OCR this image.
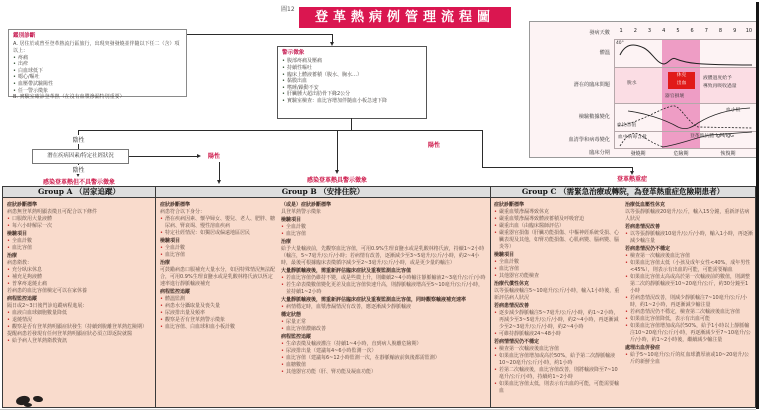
圖12
登革熱病例管理流程圖
鑑別診斷
A. 居住於或曾至登革熱流行區旅行，出現突發發燒並伴隨以下任二（含）項以上：
• 疼痛
• 出疹
• 白血球低下
• 噁心/嘔吐
• 血壓帶試驗陽性
• 任一警示徵象
B. 實驗室確診登革熱（在沒有血漿滲漏特別重要）
警示徵象
• 腹部疼痛及壓痛
• 持續性嘔吐
• 臨床上體液蓄積（腹水、胸水…）
• 黏膜出血
• 嗜睡/躁動不安
• 肝臟腫大超出肋骨下緣2公分
• 實驗室檢查：血比容增加伴隨血小板急速下降
陰性
潛在疾病因素/特定社經狀況
陰性
陽性
陽性
感染登革熱但不具警示徵象	感染登革熱具警示徵象	登革熱重症
Group A （居家追蹤）	Group B （安排住院）	Group C （需緊急治療或轉院，為登革熱重症危險期患者）
症狀診斷標準
病患無登革熱明顯表徵且可配合以下條件
• 口服飲用大量液體
• 每六小時解尿一次
檢驗項目
• 全血計數
• 血比容值
治療
病患衛教：
• 充分臥床休息
• 補充足夠液體
• 普拿疼退燒止痛
若病患的血比容值檢定可以在家休養
病程監控追蹤
隔日或2~3日後門診追蹤病程進展：
• 血液白血球細胞數量降低
• 退燒情況
• 觀察是否有登革熱明顯症狀發生（持續到脫離登革熱危險期）
提醒病患若發現有任何登革熱明顯症狀必須立即返院就醫
• 給予病人登革熱衛教資訊
症狀診斷標準
病患符合以下身分：
• 潛在疾病因素、懷孕婦女、嬰兒、老人、肥胖、糖尿病、腎衰竭、慢性溶血疾病
• 特定社經情況：如獨居或偏遠地區居民
檢驗項目
• 全血計數
• 血比容值
治療
可鼓勵病患口服補充大量水分，如因特殊情況無法配合，可用0.9%生理食鹽水或是乳酸林格氏液以恆定速率進行靜脈輸液補充
病程監控追蹤
• 體溫監測
• 病患水分攝取量及喪失量
• 尿液排出量及頻率
• 觀察是否有登革熱警示徵象
• 血比容值、白血球和血小板計數
（或是）症狀診斷標準
具登革熱警示徵象
檢驗項目
• 全血計數
• 血比容值
治療
給予大量輸液前，先觀察血比容值，可用0.9%生理食鹽水或是乳酸林格氏液，持續1~2小時（輸注，5~7毫升/公斤/小時；若病情有改善，逐漸減少至3~5毫升/公斤/小時，約2~4小時，最後可根據臨床表徵循序減少至2~3毫升/公斤/小時，或是更少量的輸注）
大量靜脈輸液後，需重新評估臨床症狀及重複監測血比容值
• 若血比容值仍維持不變，或是些微上升，則繼續2~4小時輸注靜脈輸液2~3毫升/公斤/小時
• 若生命表徵數值變化更差及血比容值快速升高，則靜脈輸液增高至5~10毫升/公斤/小時，並持續1~2小時
大量靜脈輸液後，需重新評估臨床症狀及重複監測血比容值，同時觀察輸液補充速率
• 病情穩定時，血漿滲漏情況有改善，應逐漸減少靜脈輸液
穩定狀態
• 尿量正常
• 血比容值濃縮改善
病程監控追蹤
• 生命表徵及輸液灌注（持續1~4小時，直到病人脫離危險期）
• 尿液排出量（建議每4~6小時監測一次）
• 血比容值（建議每6~12小時監測一次，在靜脈輸液前與後都需監測）
• 血糖數值
• 其他器官功能（肝、腎功能及凝血功能）
症狀診斷標準
• 嚴重血漿滲漏導致休克
• 嚴重血漿滲漏導致體液蓄積及呼吸窘迫
• 嚴重出血（由臨床醫師評估）
• 嚴重器官損傷（肝臟功能損傷、中樞神經系統受損、心臟表現及其他，如腎功能損傷、心肌病變、腦病變、腦炎等）
檢驗項目
• 全血計數
• 血比容值
• 其他器官功能檢查
治療代償性休克
以等張輸液輸注5~10毫升/公斤/小時，輸入1小時後，重新評估病人狀況
若病患情況改善
• 逐步減少靜脈輸注5~7毫升/公斤/小時，約1~2小時，再減少至3~5毫升/公斤/小時，約2~4小時，再逐漸減少至2~3毫升/公斤/小時，約2~4小時
• 可維持靜脈輸液24~48小時
若病情情況仍不穩定
• 檢查第一次輸液後血比容值
• 如果血比容值增加或高於50%，給予第二次靜脈輸液10~20毫升/公斤/小時，約1小時
• 若第二次輸液後，血比容值改善，則將輸液降至7~10毫升/公斤/小時，持續約1~2小時
• 如果血比容值太低，則表示有出血的可能，可能需要輸血
治療低血壓性休克
以等張靜脈輸液20毫升/公斤，輸入15分鐘，重新評估病人狀況
若病患情況改善
• 以等張靜脈輸液10毫升/公斤/小時，輸入1小時，再逐漸減少輸注量
若病患情況仍不穩定
• 檢查第一次輸液後血比容值
• 如果血比容值太低（小孩及成年女性<40%，成年男性<45%），則表示有出血的可能，可能需要輸血
• 如果血比容值太高或高於第一次輸液前的數值，則調整第二次的靜脈輸液至10~20毫升/公斤，約30分鐘至1小時
• 若病患情況改善，則減少靜脈輸注7~10毫升/公斤/小時，約1~2小時，再逐漸減少輸注量
• 若病患情況仍不穩定，檢查第二次輸液後血比容值
• 如果血比容值降低，表示有出血可能
• 如果血比容值增加或高於50%，給予1小時以上靜脈輸注10~20毫升/公斤/小時，再逐漸減少至7~10毫升/公斤/小時，約1~2小時後，繼續減少輸注量
處理出血併發症
• 給予5~10毫升/公斤的紅血球濃厚液或10~20毫升/公斤的新鮮全血
發病天數
體溫
潛在的臨床問題
檢驗數據變化
血清學和病毒變化
臨床分期
1	2	3	4	5	6	7	8	9	10
40°
脫水
休克
出血
器官損壞
液體過度給予
導致再吸收過量
血小板
血比容值
血中病毒含量	登革熱抗體 IgM/IgG
發燒期	危險期	恢復期
